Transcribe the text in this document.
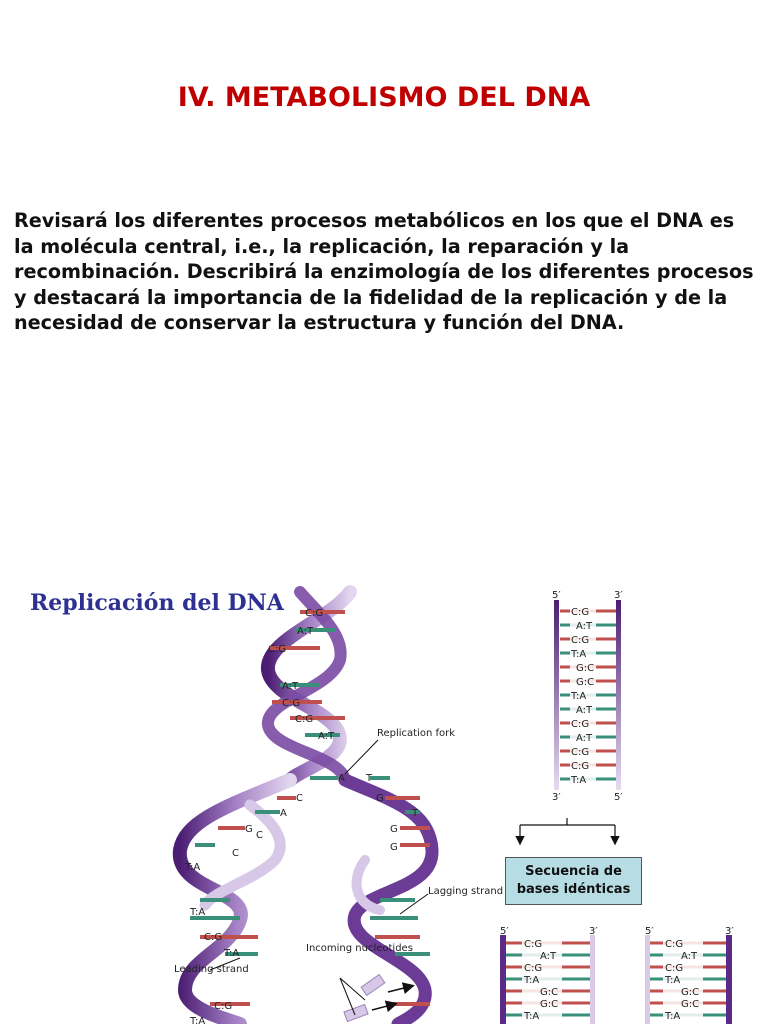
IV. METABOLISMO DEL DNA

Revisará los diferentes procesos metabólicos en los que el DNA es la molécula central, i.e., la replicación, la reparación y la recombinación. Describirá la enzimología de los diferentes procesos y destacará la importancia de la fidelidad de la replicación y de la necesidad de conservar la estructura y función del DNA.

C:G
A:T
C:G
A:T
C:G
C:G
A:T
T:A
T:A
C:G
T:A
C:G
T:A
A T
C	G
A	T
G
C
G
C
G
Replication fork
Lagging strand
Leading strand
Incoming nucleotides
5′	3′
3′	5′
C:G
A:T
C:G
T:A
G:C
G:C
T:A
A:T
C:G
A:T
C:G
C:G
T:A
5′	3′
C:G
A:T
C:G
T:A
G:C
G:C
T:A
5′	3′
C:G
A:T
C:G
T:A
G:C
G:C
T:A
Replicación del DNA
Secuencia de
bases idénticas
